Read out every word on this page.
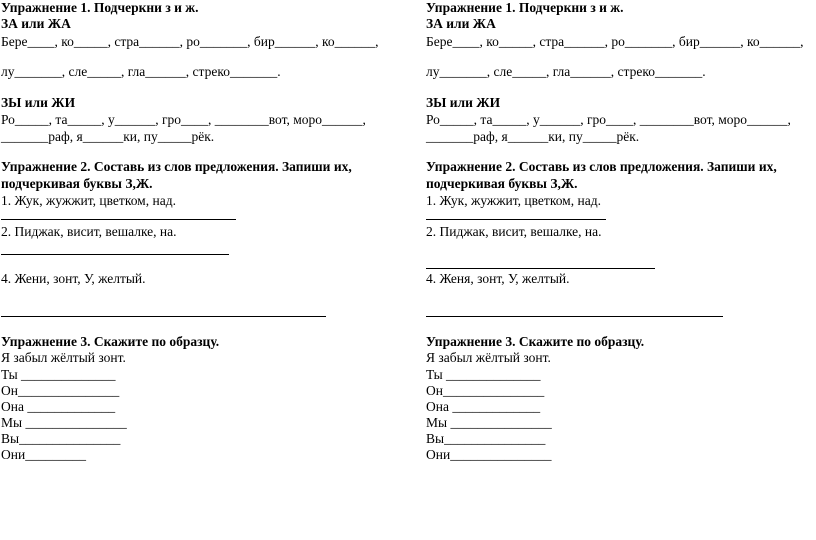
Упражнение 1. Подчеркни з и ж.
ЗА или ЖА
Бере____, ко_____, стра______, ро_______, бир______, ко______,
лу_______, сле_____, гла______, стреко_______.
ЗЫ или ЖИ
Ро_____, та_____, у______, гро____, ________вот, моро______,
_______раф, я______ки, пу_____рёк.
Упражнение 2. Составь из слов предложения. Запиши их,
подчеркивая буквы З,Ж.
1. Жук, жужжит, цветком, над.
2. Пиджак, висит, вешалке, на.
4. Жени, зонт, У, желтый.
Упражнение 3. Скажите по образцу.
Я забыл жёлтый зонт.
Ты ______________
Он_______________
Она _____________
Мы _______________
Вы_______________
Они_________
Упражнение 1. Подчеркни з и ж.
ЗА или ЖА
Бере____, ко_____, стра______, ро_______, бир______, ко______,
лу_______, сле_____, гла______, стреко_______.
ЗЫ или ЖИ
Ро_____, та_____, у______, гро____, ________вот, моро______,
_______раф, я______ки, пу_____рёк.
Упражнение 2. Составь из слов предложения. Запиши их,
подчеркивая буквы З,Ж.
1. Жук, жужжит, цветком, над.
2. Пиджак, висит, вешалке, на.
4. Женя, зонт, У, желтый.
Упражнение 3. Скажите по образцу.
Я забыл жёлтый зонт.
Ты ______________
Он_______________
Она _____________
Мы _______________
Вы_______________
Они_______________
